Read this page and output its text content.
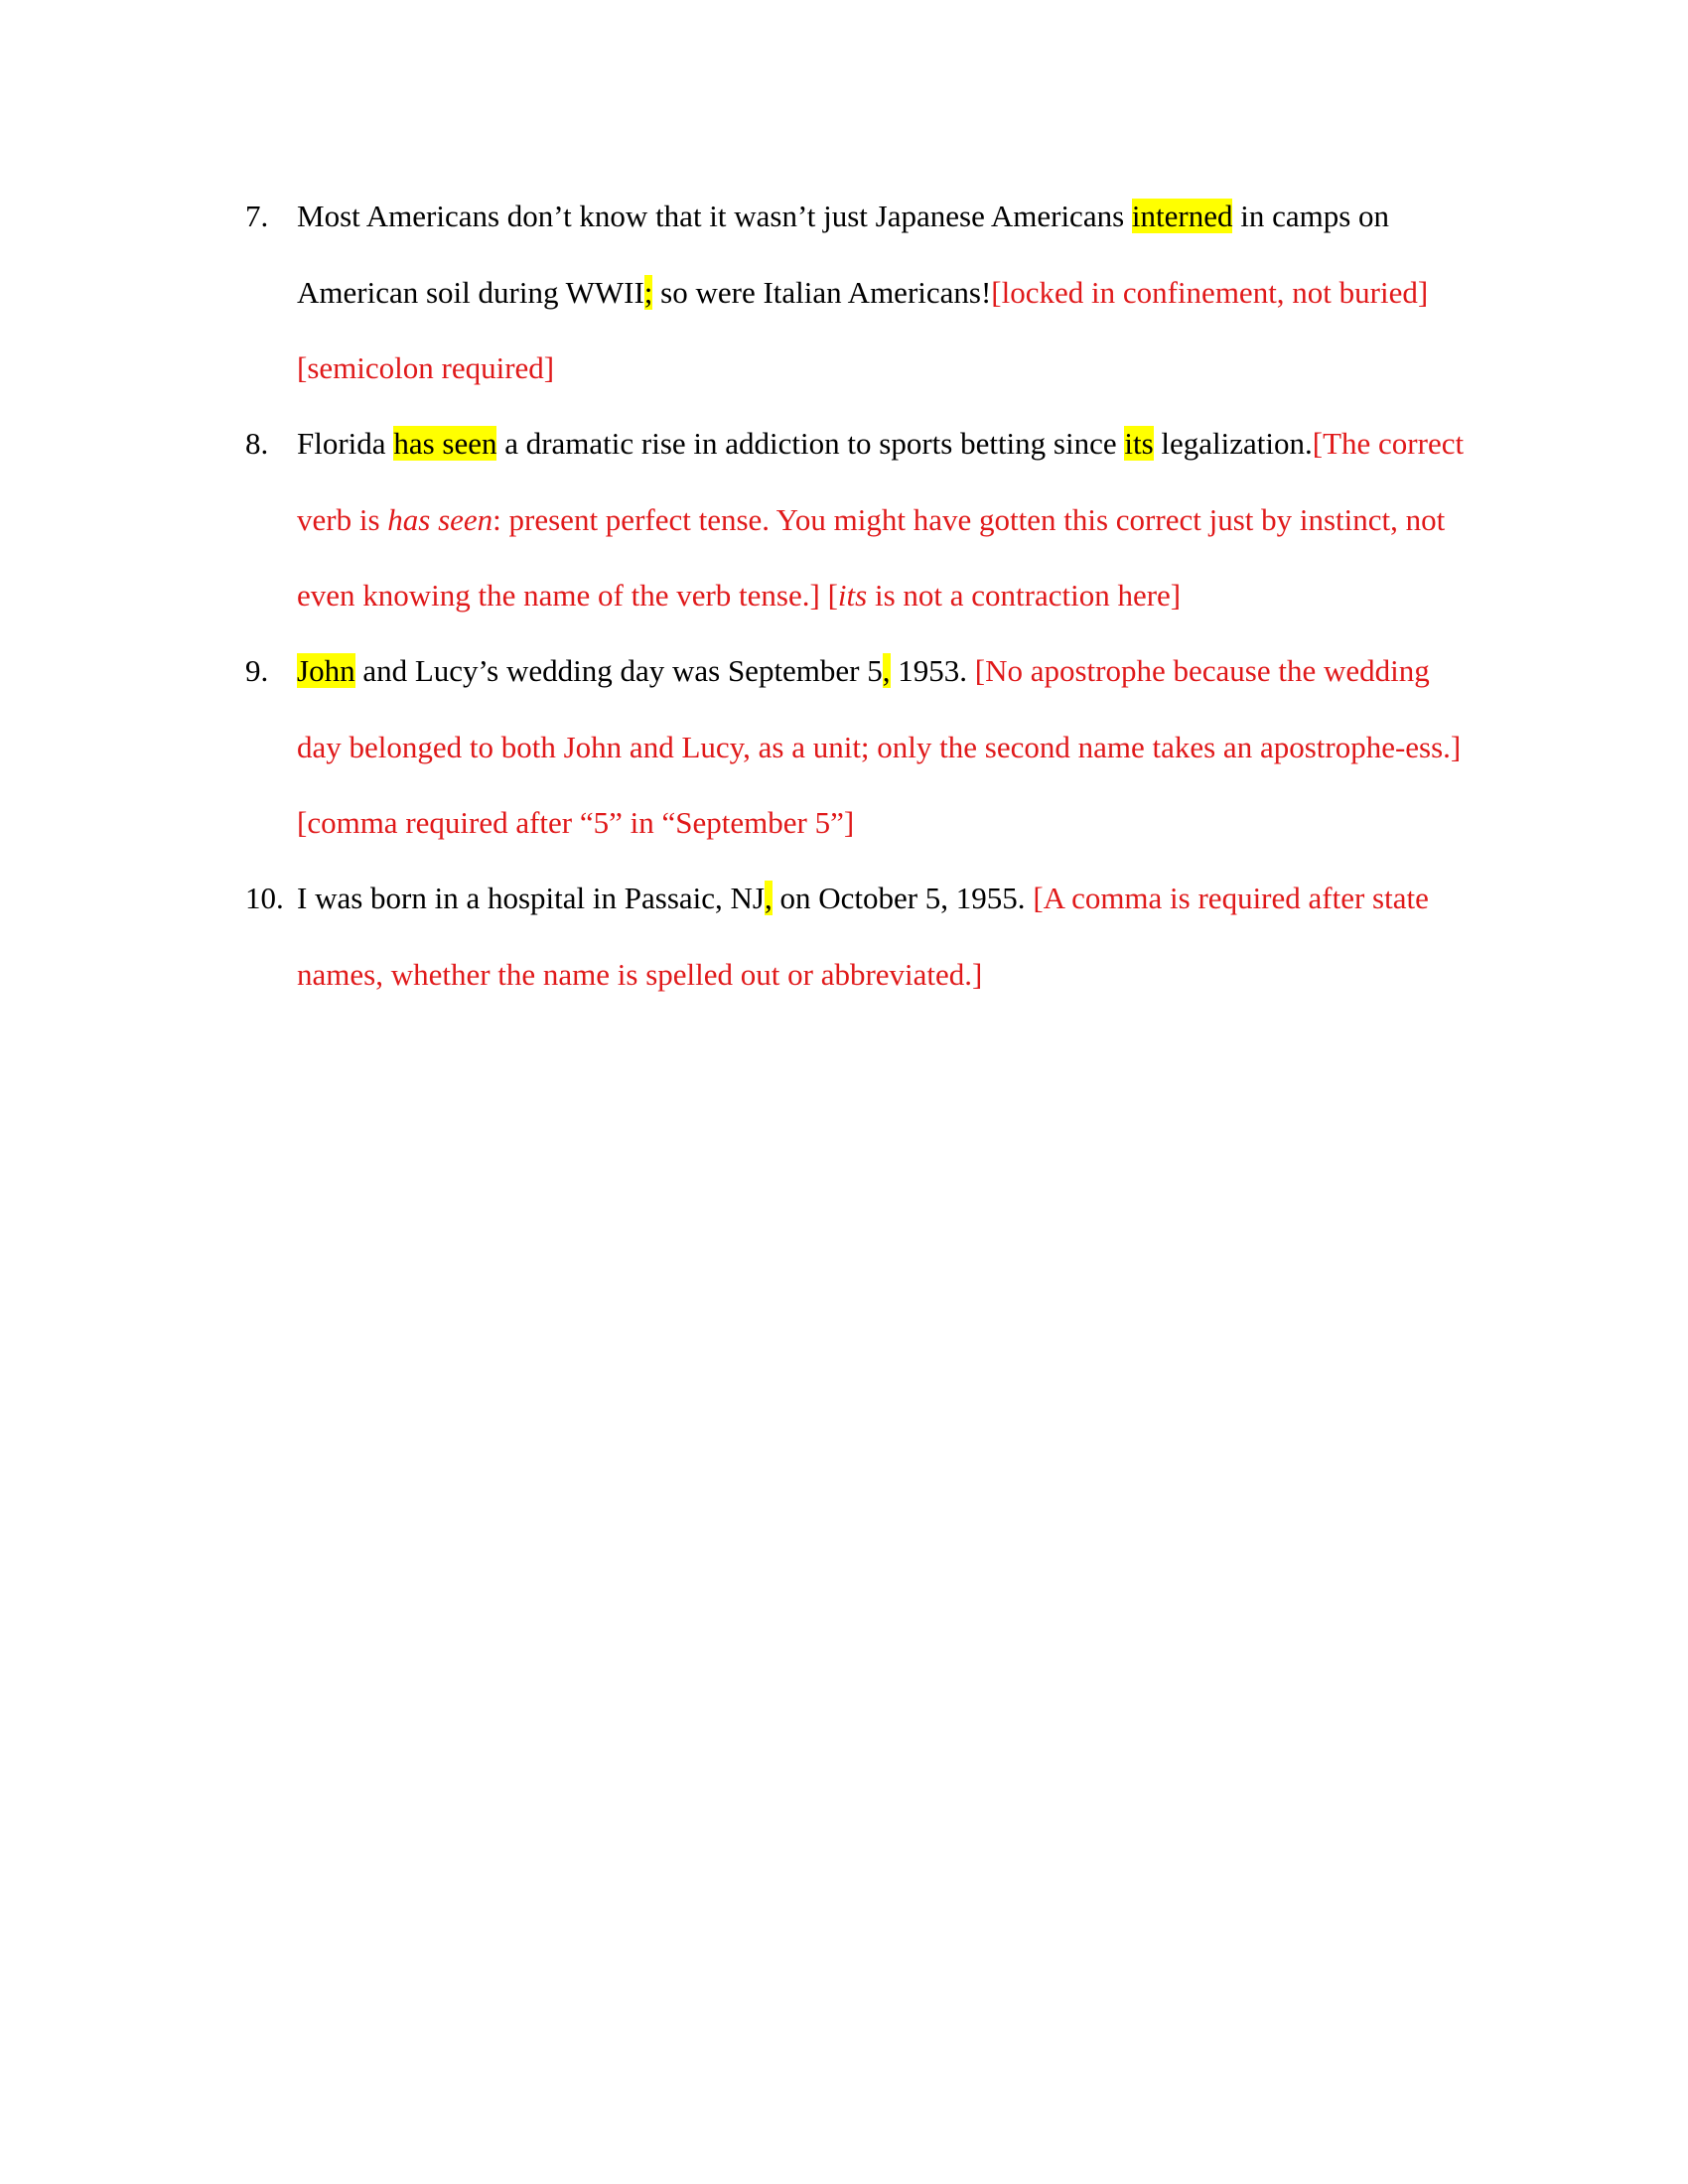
7. Most Americans don’t know that it wasn’t just Japanese Americans interned in camps on American soil during WWII; so were Italian Americans![locked in confinement, not buried] [semicolon required]
8. Florida has seen a dramatic rise in addiction to sports betting since its legalization.[The correct verb is has seen: present perfect tense. You might have gotten this correct just by instinct, not even knowing the name of the verb tense.] [its is not a contraction here]
9. John and Lucy’s wedding day was September 5, 1953. [No apostrophe because the wedding day belonged to both John and Lucy, as a unit; only the second name takes an apostrophe-ess.] [comma required after “5” in “September 5”]
10. I was born in a hospital in Passaic, NJ, on October 5, 1955. [A comma is required after state names, whether the name is spelled out or abbreviated.]
